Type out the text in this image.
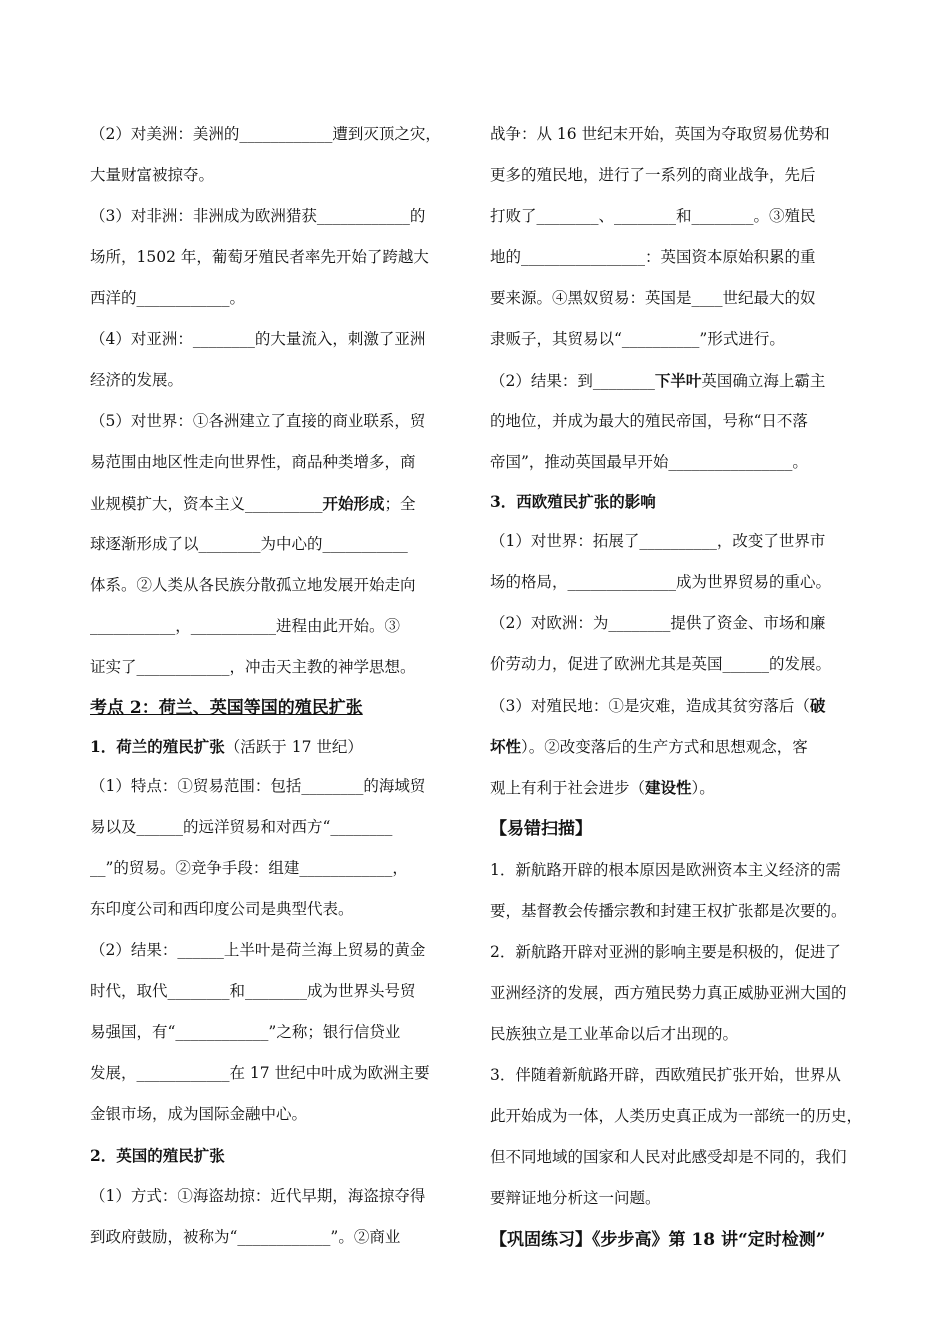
（2）对美洲：美洲的____________遭到灭顶之灾，
大量财富被掠夺。
（3）对非洲：非洲成为欧洲猎获____________的
场所，1502 年，葡萄牙殖民者率先开始了跨越大
西洋的____________。
（4）对亚洲：________的大量流入，刺激了亚洲
经济的发展。
（5）对世界：①各洲建立了直接的商业联系，贸
易范围由地区性走向世界性，商品种类增多，商
业规模扩大，资本主义__________开始形成；全
球逐渐形成了以________为中心的___________
体系。②人类从各民族分散孤立地发展开始走向
___________，___________进程由此开始。③
证实了____________，冲击天主教的神学思想。
考点 2：荷兰、英国等国的殖民扩张
1．荷兰的殖民扩张（活跃于 17 世纪）
（1）特点：①贸易范围：包括________的海域贸
易以及______的远洋贸易和对西方“________
__”的贸易。②竞争手段：组建____________，
东印度公司和西印度公司是典型代表。
（2）结果：______上半叶是荷兰海上贸易的黄金
时代，取代________和________成为世界头号贸
易强国，有“____________”之称；银行信贷业
发展，____________在 17 世纪中叶成为欧洲主要
金银市场，成为国际金融中心。
2．英国的殖民扩张
（1）方式：①海盗劫掠：近代早期，海盗掠夺得
到政府鼓励，被称为“____________”。②商业
战争：从 16 世纪末开始，英国为夺取贸易优势和
更多的殖民地，进行了一系列的商业战争，先后
打败了________、________和________。③殖民
地的________________：英国资本原始积累的重
要来源。④黑奴贸易：英国是____世纪最大的奴
隶贩子，其贸易以“__________”形式进行。
（2）结果：到________下半叶英国确立海上霸主
的地位，并成为最大的殖民帝国，号称“日不落
帝国”，推动英国最早开始________________。
3．西欧殖民扩张的影响
（1）对世界：拓展了__________，改变了世界市
场的格局，______________成为世界贸易的重心。
（2）对欧洲：为________提供了资金、市场和廉
价劳动力，促进了欧洲尤其是英国______的发展。
（3）对殖民地：①是灾难，造成其贫穷落后（破
坏性）。②改变落后的生产方式和思想观念，客
观上有利于社会进步（建设性）。
【易错扫描】
1．新航路开辟的根本原因是欧洲资本主义经济的需
要，基督教会传播宗教和封建王权扩张都是次要的。
2．新航路开辟对亚洲的影响主要是积极的，促进了
亚洲经济的发展，西方殖民势力真正威胁亚洲大国的
民族独立是工业革命以后才出现的。
3．伴随着新航路开辟，西欧殖民扩张开始，世界从
此开始成为一体，人类历史真正成为一部统一的历史，
但不同地域的国家和人民对此感受却是不同的，我们
要辩证地分析这一问题。
【巩固练习】《步步高》第 18 讲“定时检测”
